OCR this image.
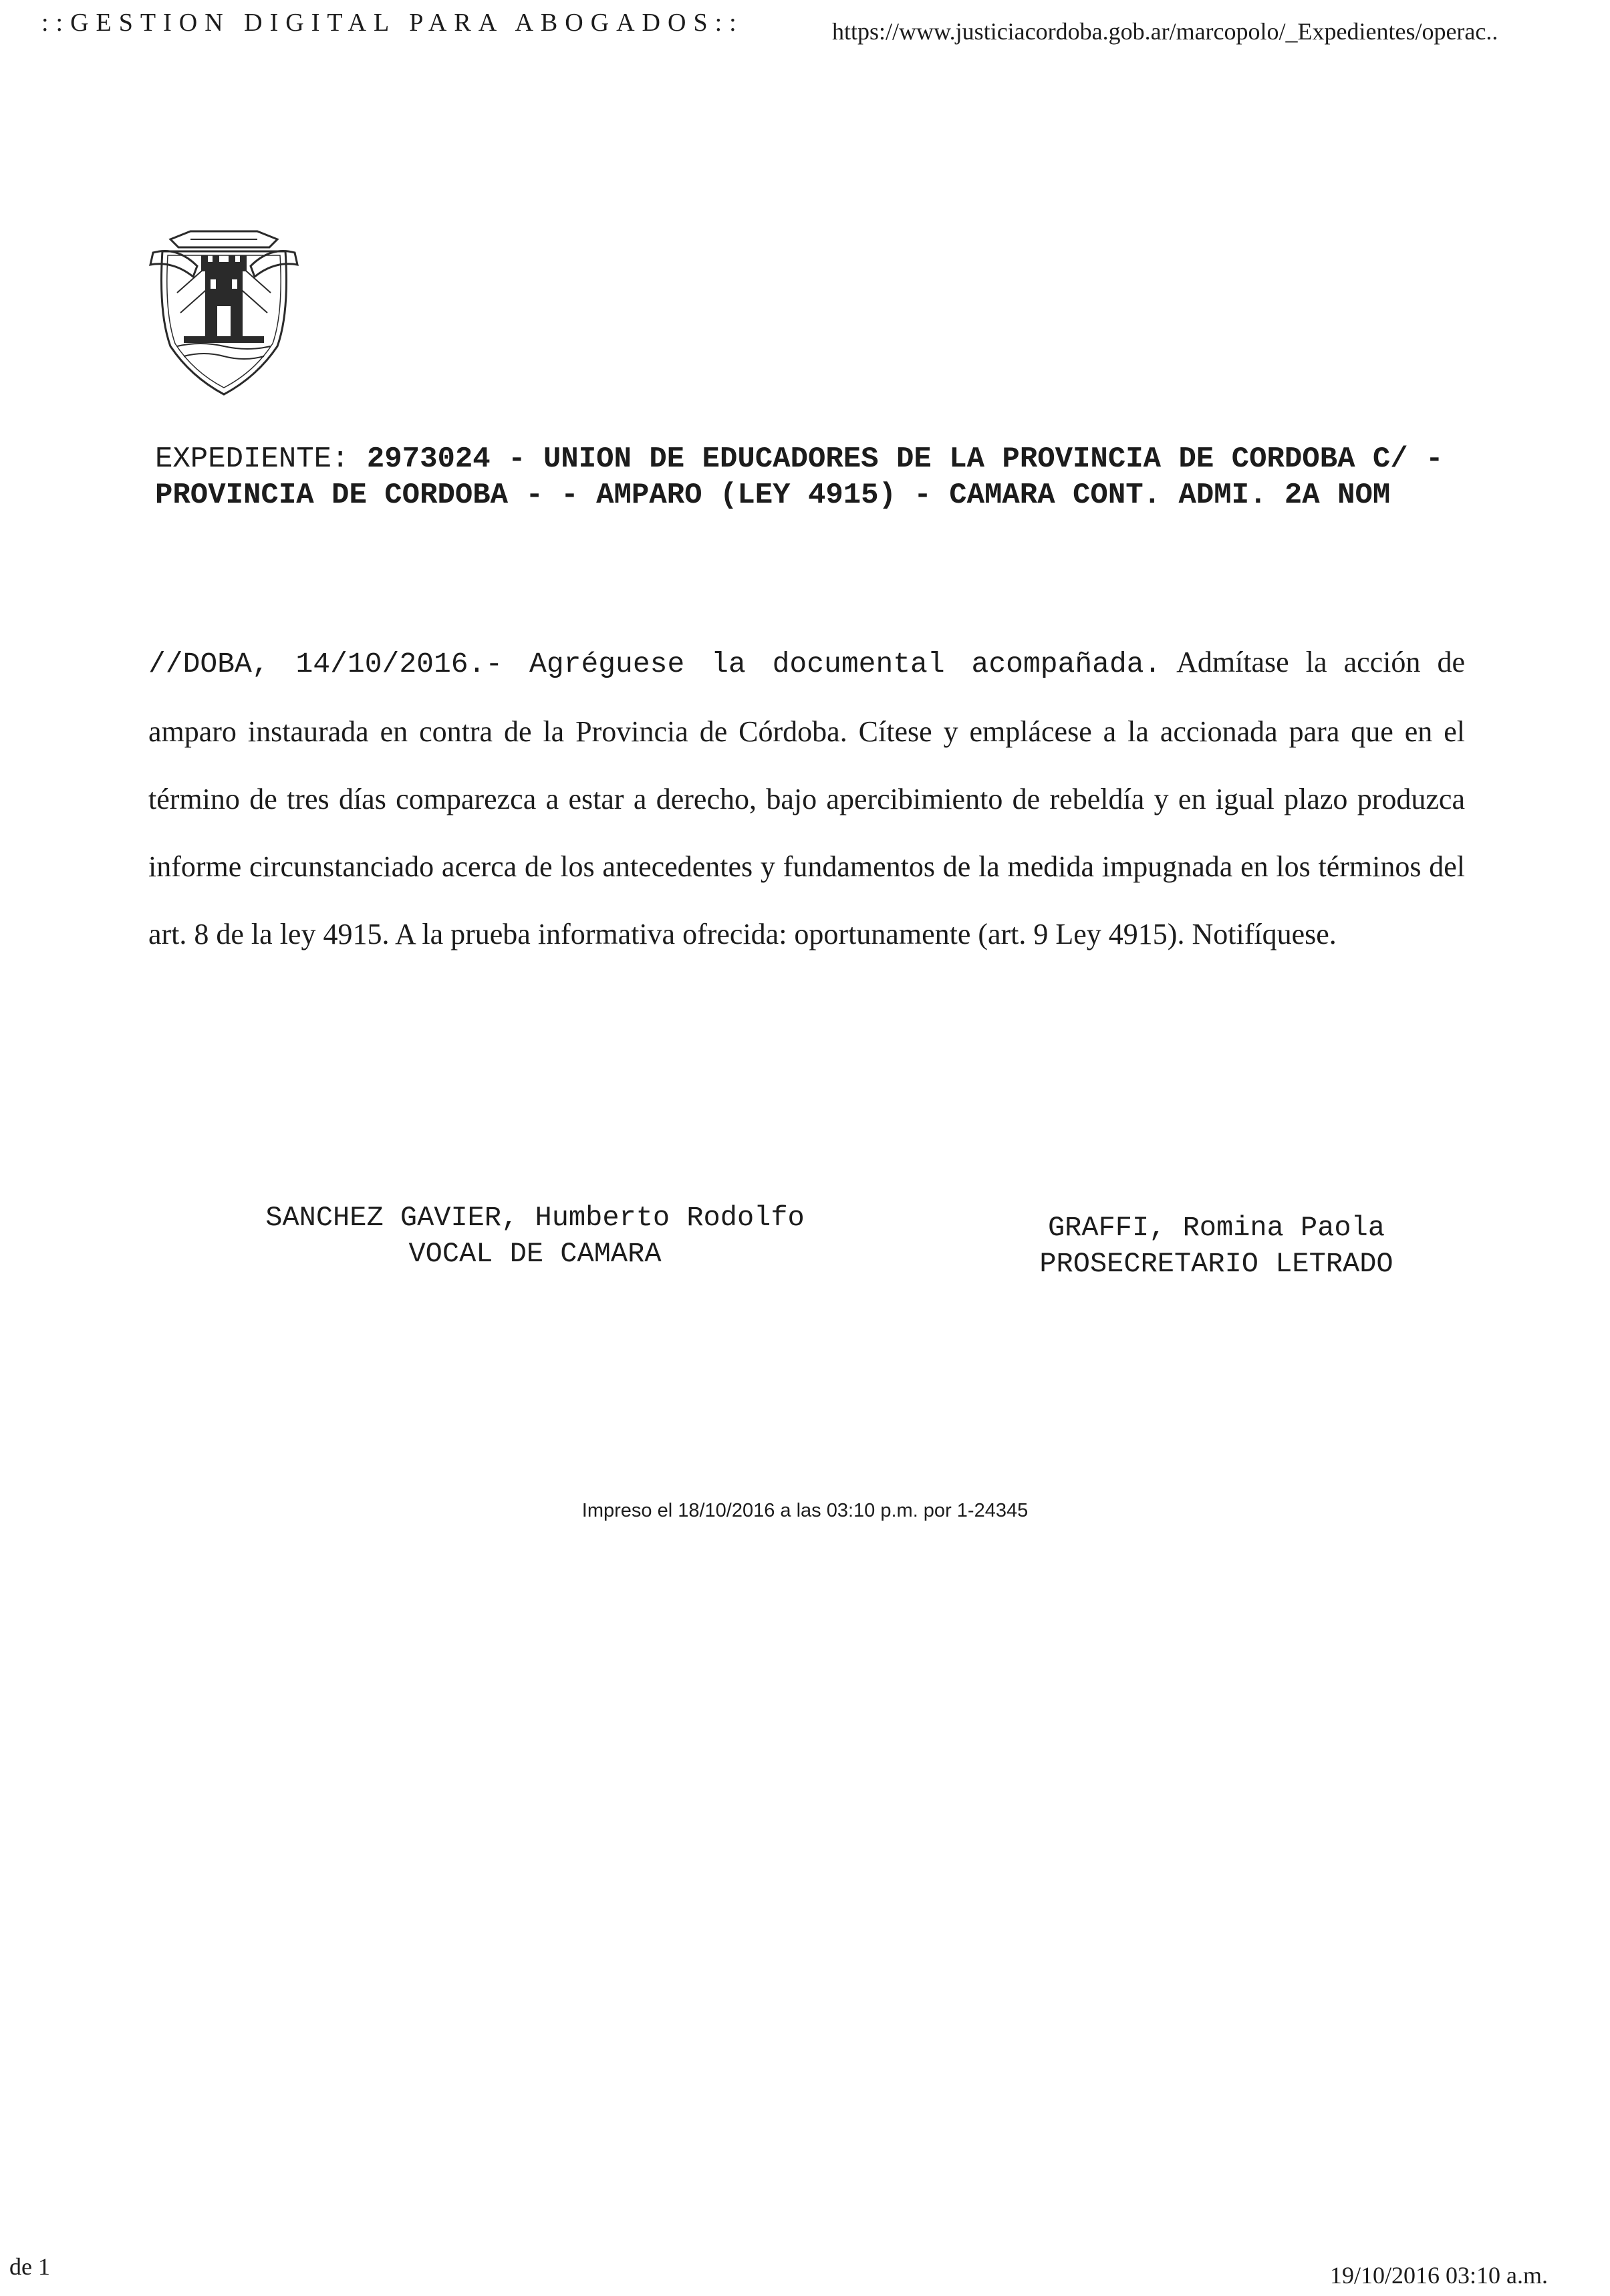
::GESTION DIGITAL PARA ABOGADOS::	https://www.justiciacordoba.gob.ar/marcopolo/_Expedientes/operac..
EXPEDIENTE: 2973024 - UNION DE EDUCADORES DE LA PROVINCIA DE CORDOBA C/ - PROVINCIA DE CORDOBA - - AMPARO (LEY 4915) - CAMARA CONT. ADMI. 2A NOM
//DOBA, 14/10/2016.- Agréguese la documental acompañada. Admítase la acción de amparo instaurada en contra de la Provincia de Córdoba. Cítese y emplácese a la accionada para que en el término de tres días comparezca a estar a derecho, bajo apercibimiento de rebeldía y en igual plazo produzca informe circunstanciado acerca de los antecedentes y fundamentos de la medida impugnada en los términos del art. 8 de la ley 4915. A la prueba informativa ofrecida: oportunamente (art. 9 Ley 4915). Notifíquese.
SANCHEZ GAVIER, Humberto Rodolfo
VOCAL DE CAMARA
GRAFFI, Romina Paola
PROSECRETARIO LETRADO
Impreso el 18/10/2016 a las 03:10 p.m. por 1-24345
de 1	19/10/2016 03:10 a.m.
